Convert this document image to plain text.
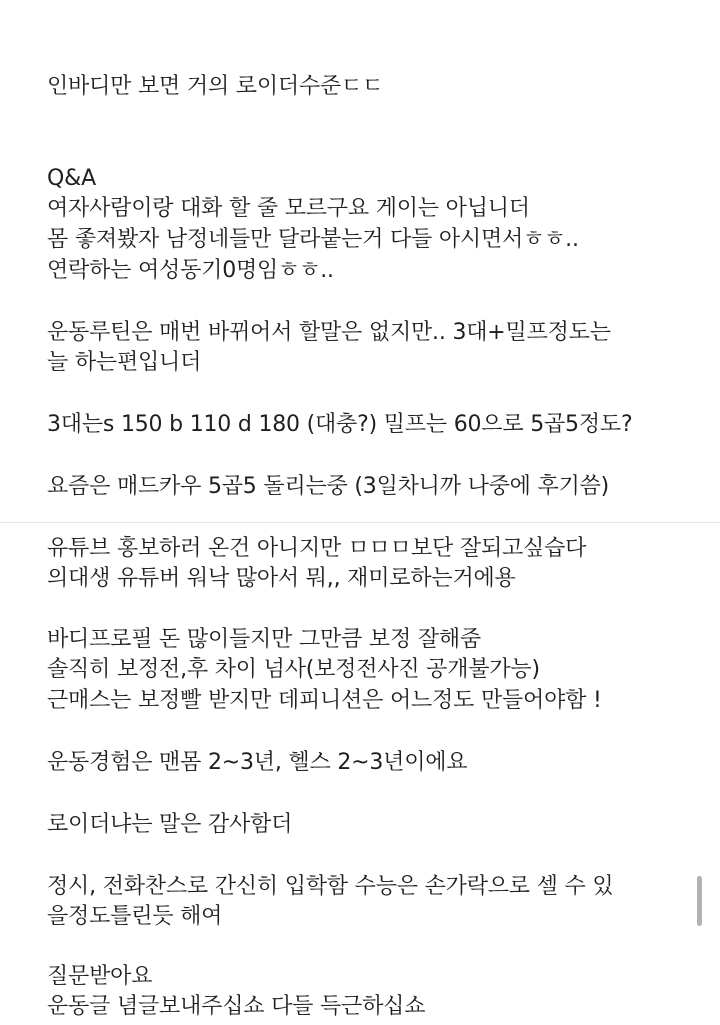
인바디만 보면 거의 로이더수준ㄷㄷ

Q&A

여자사람이랑 대화 할 줄 모르구요 게이는 아닙니더

몸 좋져봤자 남정네들만 달라붙는거 다들 아시면서ㅎㅎ..

연락하는 여성동기0명임ㅎㅎ..

운동루틴은 매번 바뀌어서 할말은 없지만.. 3대+밀프정도는

늘 하는편입니더

3대는s 150 b 110 d 180 (대충?) 밀프는 60으로 5곱5정도?

요즘은 매드카우 5곱5 돌리는중 (3일차니까 나중에 후기씀)

유튜브 홍보하러 온건 아니지만 ㅁㅁㅁ보단 잘되고싶습다

의대생 유튜버 워낙 많아서 뭐,, 재미로하는거에용

바디프로필 돈 많이들지만 그만큼 보정 잘해줌

솔직히 보정전,후 차이 넘사(보정전사진 공개불가능)

근매스는 보정빨 받지만 데피니션은 어느정도 만들어야함 !

운동경험은 맨몸 2~3년, 헬스 2~3년이에요

로이더냐는 말은 감사함더

정시, 전화찬스로 간신히 입학함 수능은 손가락으로 셀 수 있

을정도틀린듯 해여

질문받아요

운동글 념글보내주십쇼 다들 득근하십쇼
